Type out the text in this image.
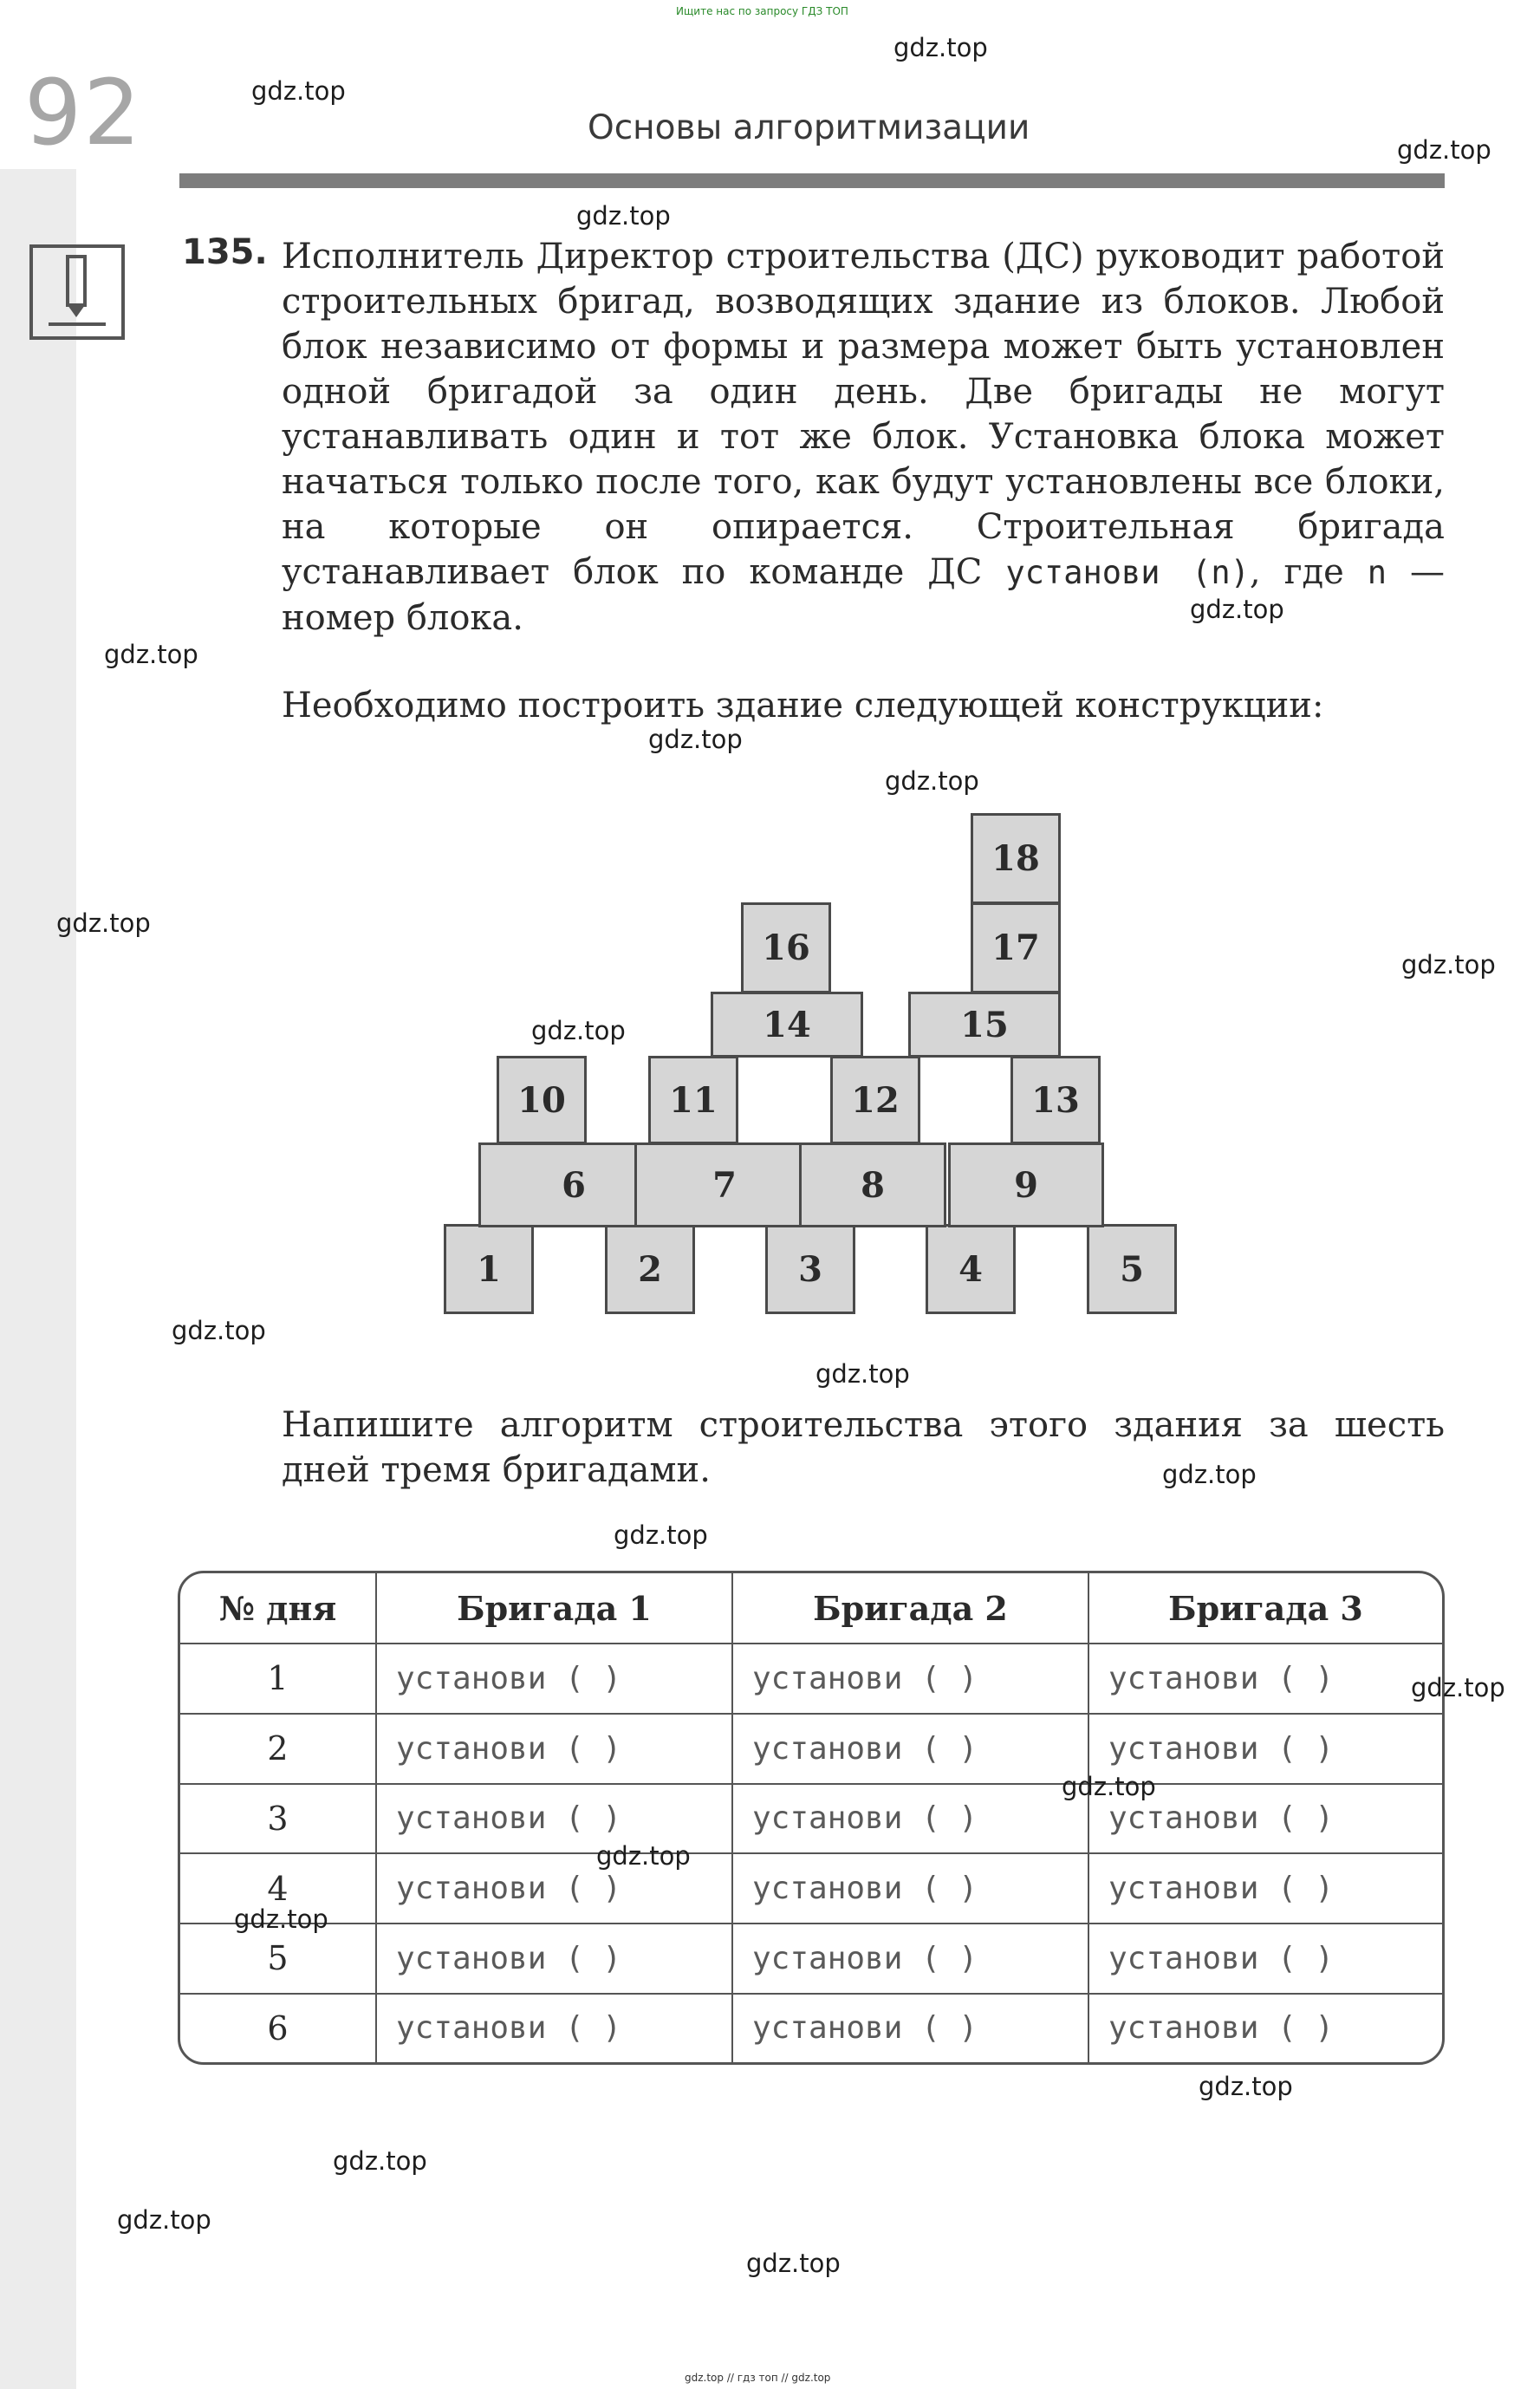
Ищите нас по запросу ГДЗ ТОП
92	Основы алгоритмизации
135. Исполнитель Директор строительства (ДС) руководит работой строительных бригад, возводящих здание из блоков. Любой блок независимо от формы и размера может быть установлен одной бригадой за один день. Две бригады не могут устанавливать один и тот же блок. Установка блока может начаться только после того, как будут установлены все блоки, на которые он опирается. Строительная бригада устанавливает блок по команде ДС установи (n), где n — номер блока.

Необходимо построить здание следующей конструкции:
1	2	3	4	5
6	7	8	9
10	11	12	13
14	15
16	17
18
Напишите алгоритм строительства этого здания за шесть дней тремя бригадами.
№ дня	Бригада 1	Бригада 2	Бригада 3
1	установи ( )	установи ( )	установи ( )
2	установи ( )	установи ( )	установи ( )
3	установи ( )	установи ( )	установи ( )
4	установи ( )	установи ( )	установи ( )
5	установи ( )	установи ( )	установи ( )
6	установи ( )	установи ( )	установи ( )
gdz.top
gdz.top
gdz.top
gdz.top
gdz.top
gdz.top
gdz.top
gdz.top
gdz.top
gdz.top
gdz.top
gdz.top
gdz.top
gdz.top
gdz.top
gdz.top
gdz.top
gdz.top
gdz.top
gdz.top
gdz.top
gdz.top
gdz.top
gdz.top // гдз топ // gdz.top
